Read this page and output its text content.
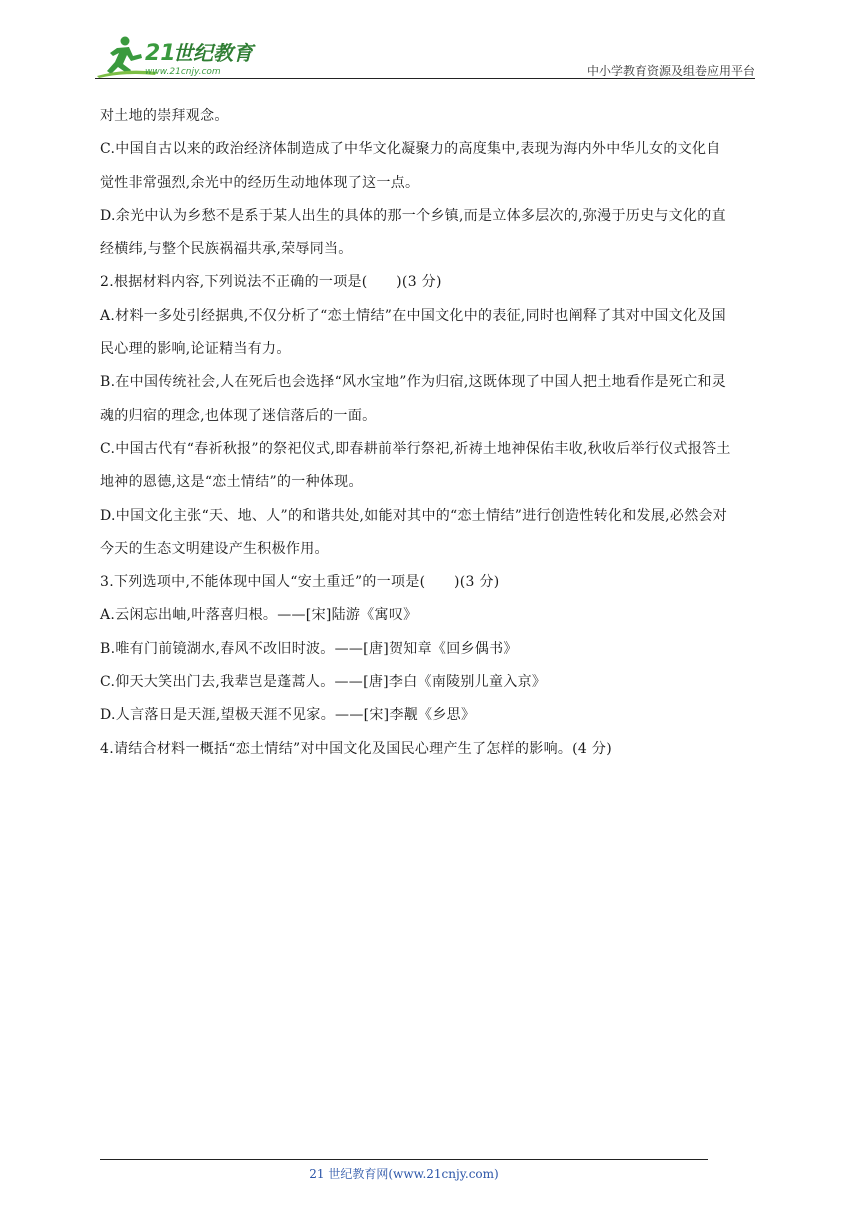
21
世纪教育
www.21cnjy.com	中小学教育资源及组卷应用平台
对土地的崇拜观念。
C.中国自古以来的政治经济体制造成了中华文化凝聚力的高度集中,表现为海内外中华儿女的文化自
觉性非常强烈,余光中的经历生动地体现了这一点。
D.余光中认为乡愁不是系于某人出生的具体的那一个乡镇,而是立体多层次的,弥漫于历史与文化的直
经横纬,与整个民族祸福共承,荣辱同当。
2.根据材料内容,下列说法不正确的一项是(　　)(3 分)
A.材料一多处引经据典,不仅分析了“恋土情结”在中国文化中的表征,同时也阐释了其对中国文化及国
民心理的影响,论证精当有力。
B.在中国传统社会,人在死后也会选择“风水宝地”作为归宿,这既体现了中国人把土地看作是死亡和灵
魂的归宿的理念,也体现了迷信落后的一面。
C.中国古代有“春祈秋报”的祭祀仪式,即春耕前举行祭祀,祈祷土地神保佑丰收,秋收后举行仪式报答土
地神的恩德,这是“恋土情结”的一种体现。
D.中国文化主张“天、地、人”的和谐共处,如能对其中的“恋土情结”进行创造性转化和发展,必然会对
今天的生态文明建设产生积极作用。
3.下列选项中,不能体现中国人“安土重迁”的一项是(　　)(3 分)
A.云闲忘出岫,叶落喜归根。——[宋]陆游《寓叹》
B.唯有门前镜湖水,春风不改旧时波。——[唐]贺知章《回乡偶书》
C.仰天大笑出门去,我辈岂是蓬蒿人。——[唐]李白《南陵别儿童入京》
D.人言落日是天涯,望极天涯不见家。——[宋]李觏《乡思》
4.请结合材料一概括“恋土情结”对中国文化及国民心理产生了怎样的影响。(4 分)
21 世纪教育网(www.21cnjy.com)
